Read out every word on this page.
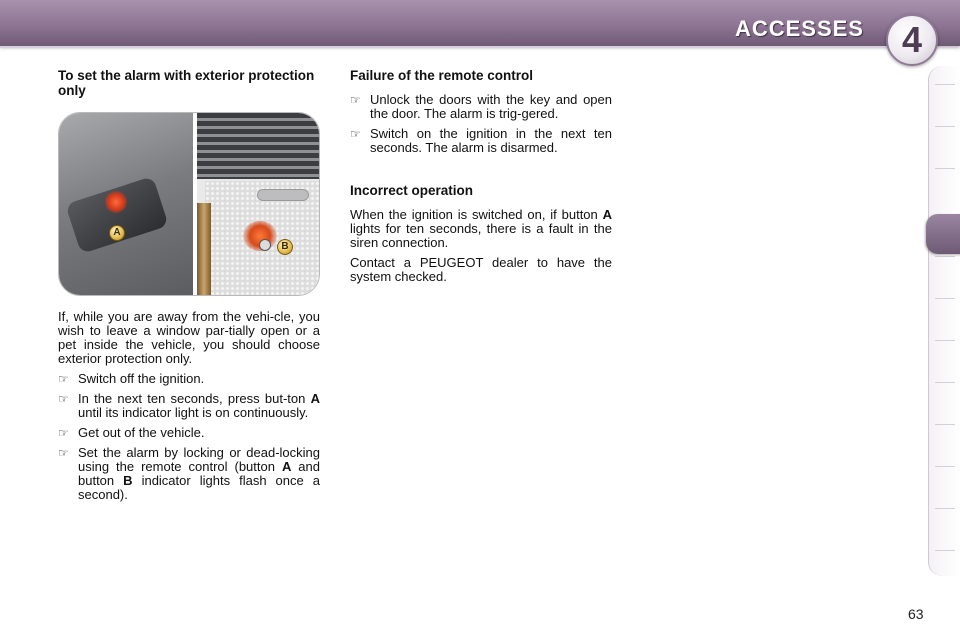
ACCESSES	4
To set the alarm with exterior protection only
A
B

If, while you are away from the vehi-cle, you wish to leave a window par-tially open or a pet inside the vehicle, you should choose exterior protection only.

☞ Switch off the ignition.
☞ In the next ten seconds, press but-ton A until its indicator light is on continuously.
☞ Get out of the vehicle.
☞ Set the alarm by locking or dead-locking using the remote control (button A and button B indicator lights flash once a second).
Failure of the remote control
☞ Unlock the doors with the key and open the door. The alarm is trig-gered.
☞ Switch on the ignition in the next ten seconds. The alarm is disarmed.
Incorrect operation

When the ignition is switched on, if button A lights for ten seconds, there is a fault in the siren connection.

Contact a PEUGEOT dealer to have the system checked.

63
